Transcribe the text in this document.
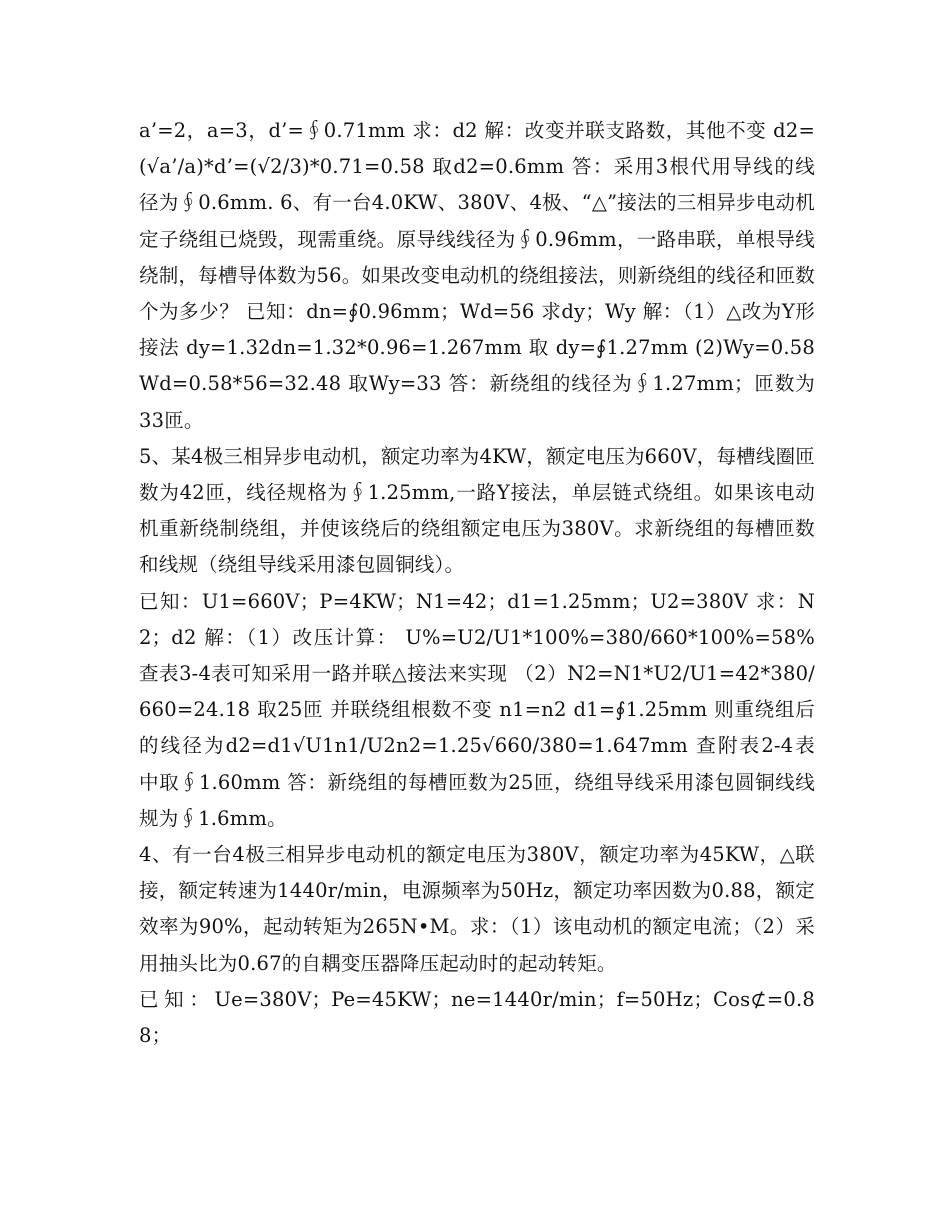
a’=2，a=3，d’=∮0.71mm 求：d2 解：改变并联支路数，其他不变 d2=(√a’/a)*d’=(√2/3)*0.71=0.58 取d2=0.6mm 答：采用3根代用导线的线径为∮0.6mm. 6、有一台4.0KW、380V、4极、“△”接法的三相异步电动机定子绕组已烧毁，现需重绕。原导线线径为∮0.96mm，一路串联，单根导线绕制，每槽导体数为56。如果改变电动机的绕组接法，则新绕组的线径和匝数个为多少？ 已知：dn=∮0.96mm；Wd=56 求dy；Wy 解：（1）△改为Y形接法 dy=1.32dn=1.32*0.96=1.267mm 取 dy=∮1.27mm (2)Wy=0.58Wd=0.58*56=32.48 取Wy=33 答：新绕组的线径为∮1.27mm；匝数为33匝。

5、某4极三相异步电动机，额定功率为4KW，额定电压为660V，每槽线圈匝数为42匝，线径规格为∮1.25mm,一路Y接法，单层链式绕组。如果该电动机重新绕制绕组，并使该绕后的绕组额定电压为380V。求新绕组的每槽匝数和线规（绕组导线采用漆包圆铜线）。

已知：U1=660V；P=4KW；N1=42；d1=1.25mm；U2=380V 求：N2；d2 解：（1）改压计算： U%=U2/U1*100%=380/660*100%=58% 查表3-4表可知采用一路并联△接法来实现 （2）N2=N1*U2/U1=42*380/660=24.18 取25匝 并联绕组根数不变 n1=n2 d1=∮1.25mm 则重绕组后的线径为d2=d1√U1n1/U2n2=1.25√660/380=1.647mm 查附表2-4表中取∮1.60mm 答：新绕组的每槽匝数为25匝，绕组导线采用漆包圆铜线线规为∮1.6mm。

4、有一台4极三相异步电动机的额定电压为380V，额定功率为45KW，△联接，额定转速为1440r/min，电源频率为50Hz，额定功率因数为0.88，额定效率为90%，起动转矩为265N•M。求：（1）该电动机的额定电流；（2）采用抽头比为0.67的自耦变压器降压起动时的起动转矩。

已知：Ue=380V；Pe=45KW；ne=1440r/min；f=50Hz；Cos⊄=0.88；
